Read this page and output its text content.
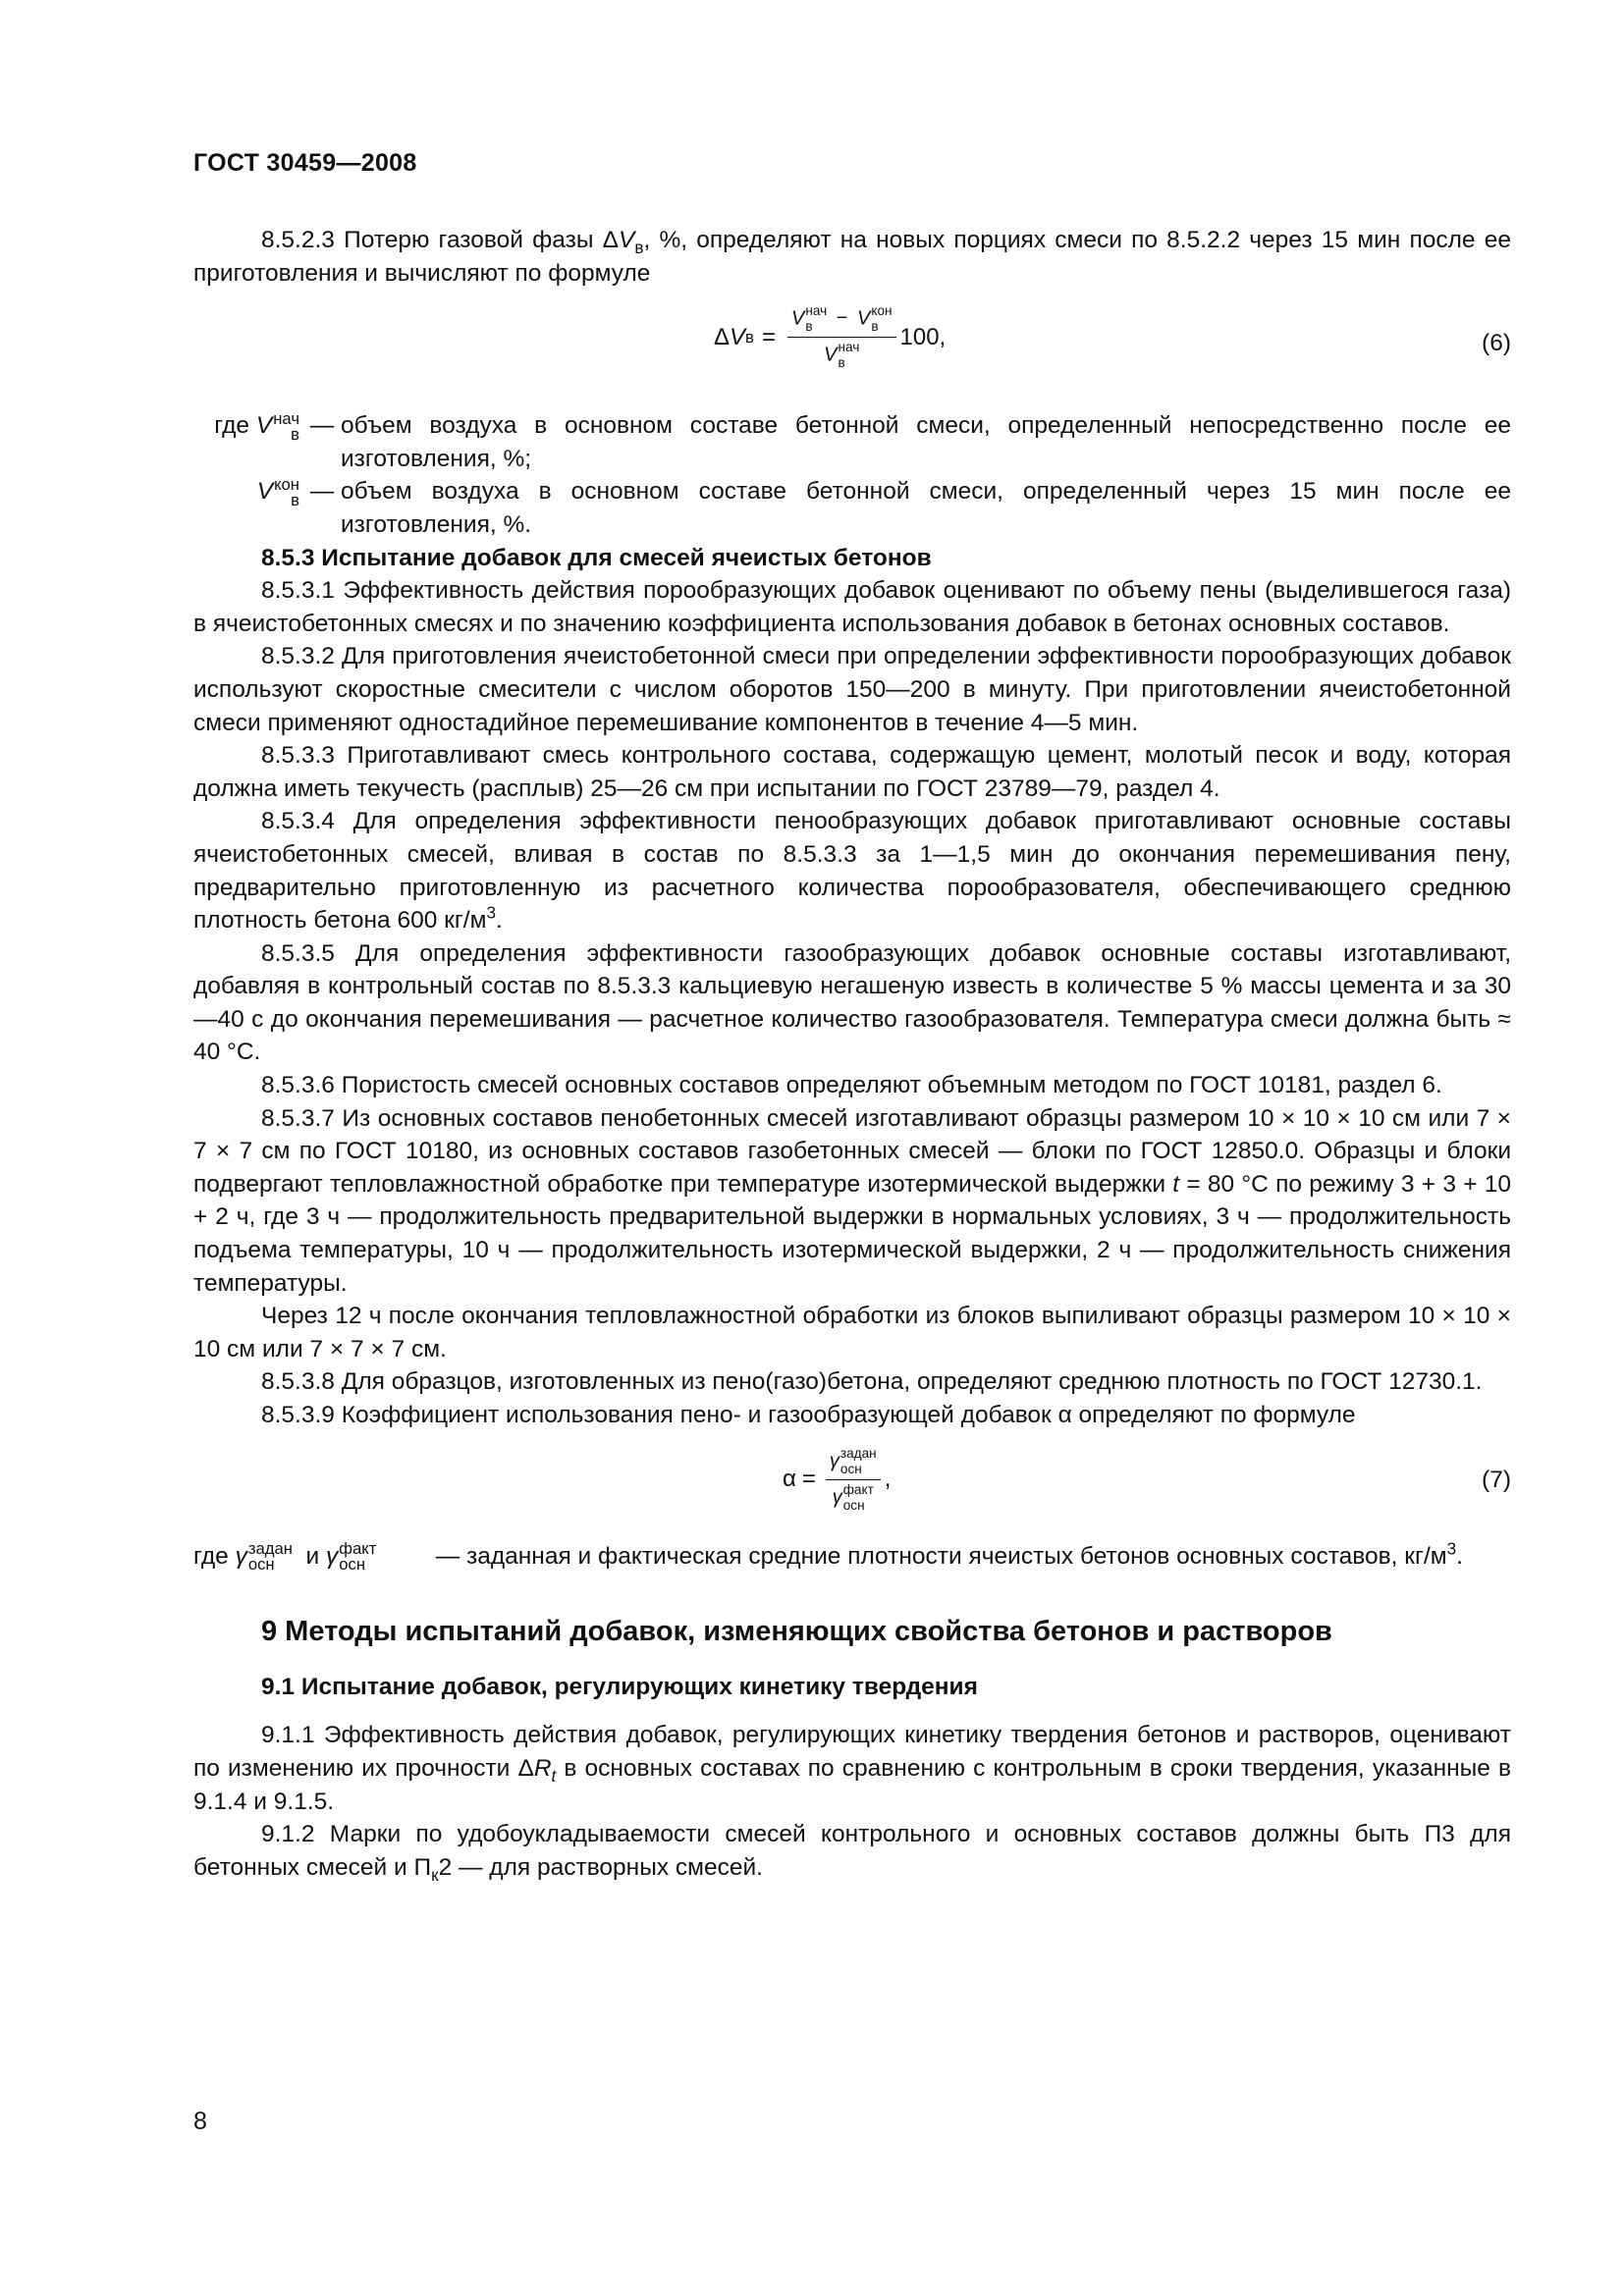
ГОСТ 30459—2008

8.5.2.3 Потерю газовой фазы $\Delta V_в$, %, определяют на новых порциях смеси по 8.5.2.2 через 15 мин после ее приготовления и вычисляют по формуле

Δ V в = V нач
в	− V кон
в
V нач
в 100,	(6)
где V нач
в — объем воздуха в основном составе бетонной смеси, определенный непосредственно после ее изготовления, %;
V кон
в — объем воздуха в основном составе бетонной смеси, определенный через 15 мин после ее изготовления, %.

8.5.3 Испытание добавок для смесей ячеистых бетонов

8.5.3.1 Эффективность действия порообразующих добавок оценивают по объему пены (выделившегося газа) в ячеистобетонных смесях и по значению коэффициента использования добавок в бетонах основных составов.

8.5.3.2 Для приготовления ячеистобетонной смеси при определении эффективности порообразующих добавок используют скоростные смесители с числом оборотов 150—200 в минуту. При приготовлении ячеистобетонной смеси применяют одностадийное перемешивание компонентов в течение 4—5 мин.

8.5.3.3 Приготавливают смесь контрольного состава, содержащую цемент, молотый песок и воду, которая должна иметь текучесть (расплыв) 25—26 см при испытании по ГОСТ 23789—79, раздел 4.

8.5.3.4 Для определения эффективности пенообразующих добавок приготавливают основные составы ячеистобетонных смесей, вливая в состав по 8.5.3.3 за 1—1,5 мин до окончания перемешивания пену, предварительно приготовленную из расчетного количества порообразователя, обеспечивающего среднюю плотность бетона 600 $кг/м^3$.

8.5.3.5 Для определения эффективности газообразующих добавок основные составы изготавливают, добавляя в контрольный состав по 8.5.3.3 кальциевую негашеную известь в количестве 5 % массы цемента и за 30—40 с до окончания перемешивания — расчетное количество газообразователя. Температура смеси должна быть ≈ 40 °С.

8.5.3.6 Пористость смесей основных составов определяют объемным методом по ГОСТ 10181, раздел 6.

8.5.3.7 Из основных составов пенобетонных смесей изготавливают образцы размером 10 × 10 × 10 см или 7 × 7 × 7 см по ГОСТ 10180, из основных составов газобетонных смесей — блоки по ГОСТ 12850.0. Образцы и блоки подвергают тепловлажностной обработке при температуре изотермической выдержки t = 80 °С по режиму 3 + 3 + 10 + 2 ч, где 3 ч — продолжительность предварительной выдержки в нормальных условиях, 3 ч — продолжительность подъема температуры, 10 ч — продолжительность изотермической выдержки, 2 ч — продолжительность снижения температуры.

Через 12 ч после окончания тепловлажностной обработки из блоков выпиливают образцы размером 10 × 10 × 10 см или 7 × 7 × 7 см.

8.5.3.8 Для образцов, изготовленных из пено(газо)бетона, определяют среднюю плотность по ГОСТ 12730.1.

8.5.3.9 Коэффициент использования пено- и газообразующей добавок α определяют по формуле

α = γ задан
осн
γ факт
осн ,	(7)
где γ задан
осн	и γ факт
осн	— заданная и фактическая средние плотности ячеистых бетонов основных составов, $кг/м^3$.
9 Методы испытаний добавок, изменяющих свойства бетонов и растворов

9.1 Испытание добавок, регулирующих кинетику твердения

9.1.1 Эффективность действия добавок, регулирующих кинетику твердения бетонов и растворов, оценивают по изменению их прочности $\Delta R_t$ в основных составах по сравнению с контрольным в сроки твердения, указанные в 9.1.4 и 9.1.5.

9.1.2 Марки по удобоукладываемости смесей контрольного и основных составов должны быть П3 для бетонных смесей и $П_к2$ — для растворных смесей.

8
